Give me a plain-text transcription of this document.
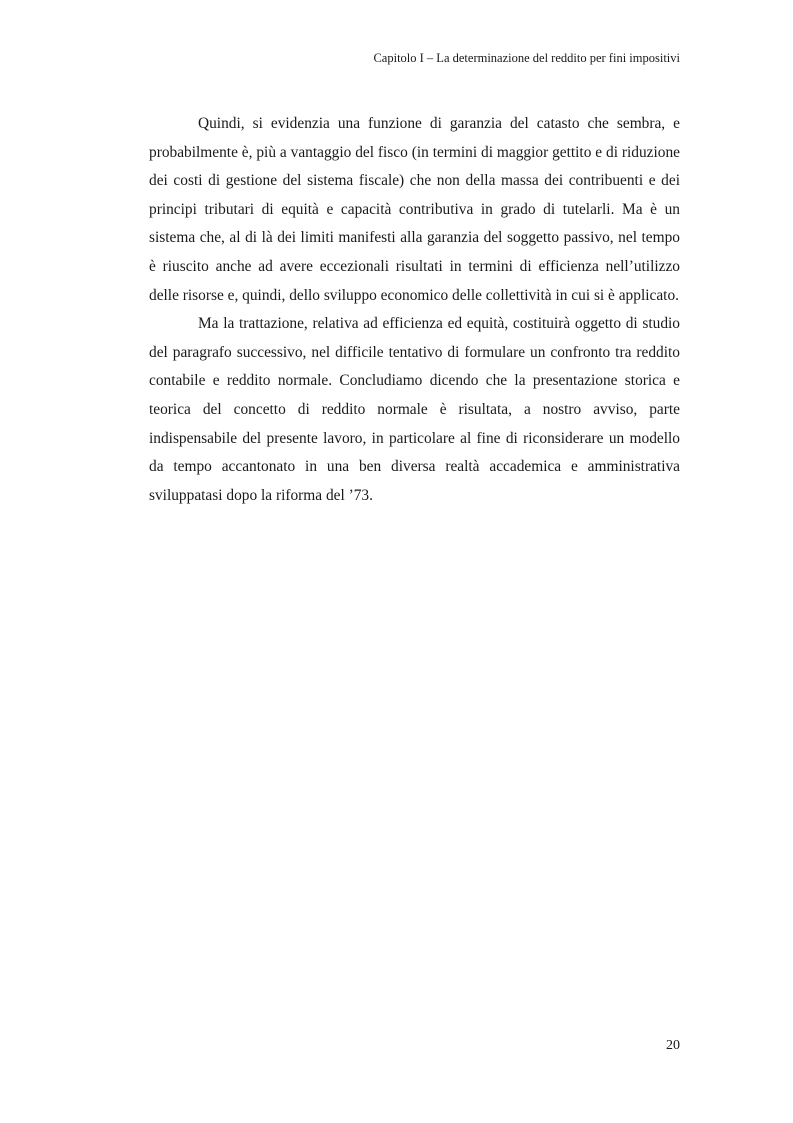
Capitolo I – La determinazione del reddito per fini impositivi

Quindi, si evidenzia una funzione di garanzia del catasto che sembra, e probabilmente è, più a vantaggio del fisco (in termini di maggior gettito e di riduzione dei costi di gestione del sistema fiscale) che non della massa dei contribuenti e dei principi tributari di equità e capacità contributiva in grado di tutelarli. Ma è un sistema che, al di là dei limiti manifesti alla garanzia del soggetto passivo, nel tempo è riuscito anche ad avere eccezionali risultati in termini di efficienza nell’utilizzo delle risorse e, quindi, dello sviluppo economico delle collettività in cui si è applicato.

Ma la trattazione, relativa ad efficienza ed equità, costituirà oggetto di studio del paragrafo successivo, nel difficile tentativo di formulare un confronto tra reddito contabile e reddito normale. Concludiamo dicendo che la presentazione storica e teorica del concetto di reddito normale è risultata, a nostro avviso, parte indispensabile del presente lavoro, in particolare al fine di riconsiderare un modello da tempo accantonato in una ben diversa realtà accademica e amministrativa sviluppatasi dopo la riforma del ’73.

20
